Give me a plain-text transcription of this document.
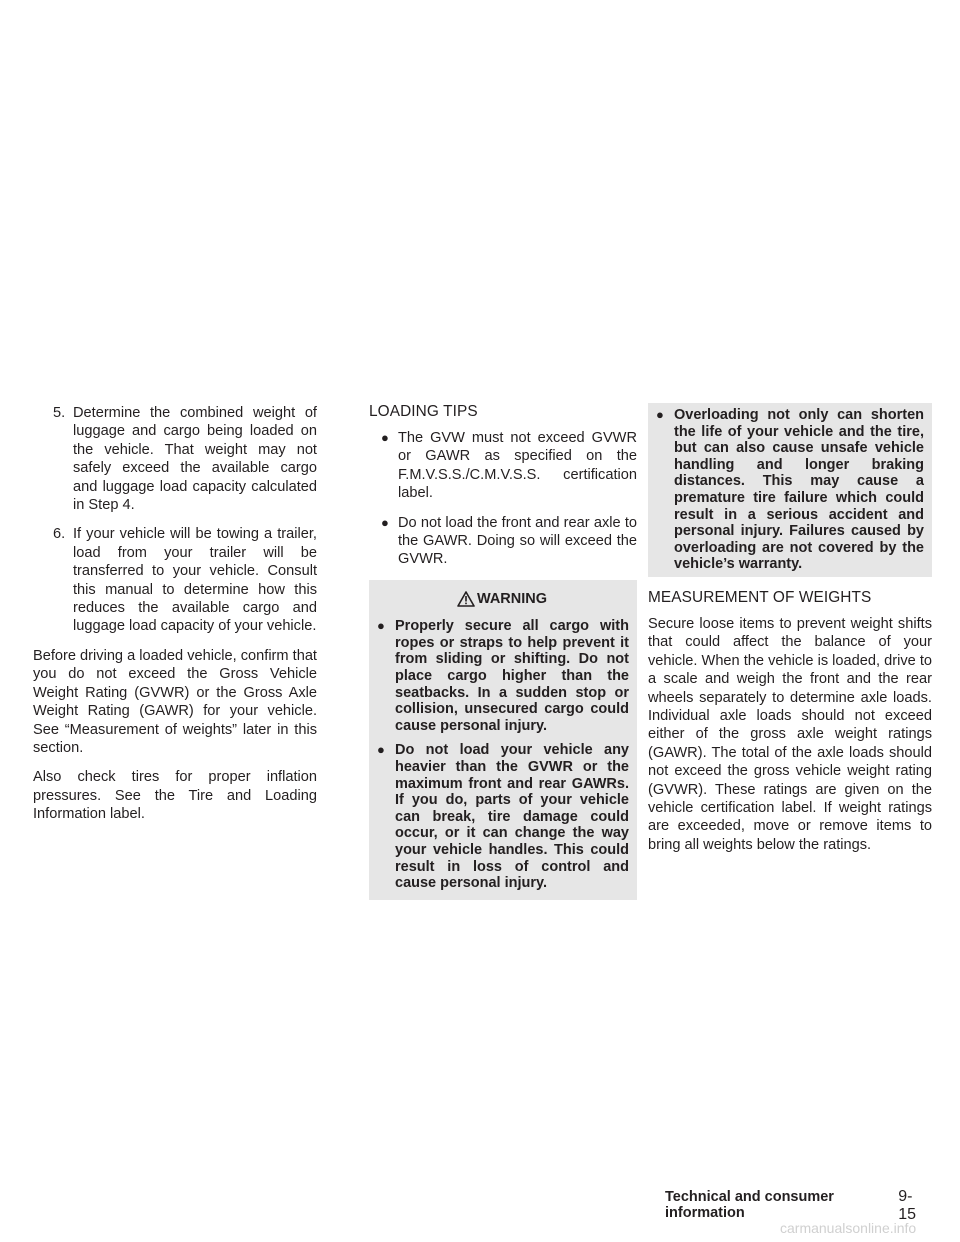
5. Determine the combined weight of luggage and cargo being loaded on the vehicle. That weight may not safely exceed the available cargo and luggage load capacity calculated in Step 4.

6. If your vehicle will be towing a trailer, load from your trailer will be transferred to your vehicle. Consult this manual to determine how this reduces the available cargo and luggage load capacity of your vehicle.

Before driving a loaded vehicle, confirm that you do not exceed the Gross Vehicle Weight Rating (GVWR) or the Gross Axle Weight Rating (GAWR) for your vehicle. See “Measurement of weights” later in this section.

Also check tires for proper inflation pressures. See the Tire and Loading Information label.

LOADING TIPS
● The GVW must not exceed GVWR or GAWR as specified on the F.M.V.S.S./C.M.V.S.S. certification label.
● Do not load the front and rear axle to the GAWR. Doing so will exceed the GVWR.
WARNING
● Properly secure all cargo with ropes or straps to help prevent it from sliding or shifting. Do not place cargo higher than the seatbacks. In a sudden stop or collision, unsecured cargo could cause personal injury.
● Do not load your vehicle any heavier than the GVWR or the maximum front and rear GAWRs. If you do, parts of your vehicle can break, tire damage could occur, or it can change the way your vehicle handles. This could result in loss of control and cause personal injury.
● Overloading not only can shorten the life of your vehicle and the tire, but can also cause unsafe vehicle handling and longer braking distances. This may cause a premature tire failure which could result in a serious accident and personal injury. Failures caused by overloading are not covered by the vehicle’s warranty.
MEASUREMENT OF WEIGHTS

Secure loose items to prevent weight shifts that could affect the balance of your vehicle. When the vehicle is loaded, drive to a scale and weigh the front and the rear wheels separately to determine axle loads. Individual axle loads should not exceed either of the gross axle weight ratings (GAWR). The total of the axle loads should not exceed the gross vehicle weight rating (GVWR). These ratings are given on the vehicle certification label. If weight ratings are exceeded, move or remove items to bring all weights below the ratings.

Technical and consumer information
9-15
carmanualsonline.info
